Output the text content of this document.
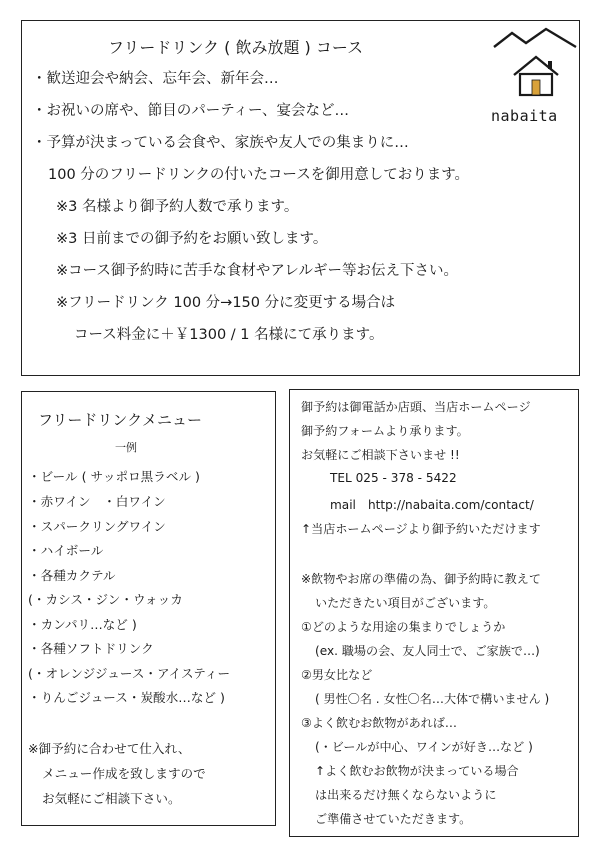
フリードリンク ( 飲み放題 ) コース
・歓送迎会や納会、忘年会、新年会…
・お祝いの席や、節目のパーティー、宴会など…
・予算が決まっている会食や、家族や友人での集まりに…
100 分のフリードリンクの付いたコースを御用意しております。
※3 名様より御予約人数で承ります。
※3 日前までの御予約をお願い致します。
※コース御予約時に苦手な食材やアレルギー等お伝え下さい。
※フリードリンク 100 分→150 分に変更する場合は
コース料金に＋￥1300 / 1 名様にて承ります。
nabaita
フリードリンクメニュー
一例
・ビール ( サッポロ黒ラベル )
・赤ワイン　・白ワイン
・スパークリングワイン
・ハイボール
・各種カクテル
(・カシス・ジン・ウォッカ
・カンパリ…など )
・各種ソフトドリンク
(・オレンジジュース・アイスティー
・りんごジュース・炭酸水…など )
※御予約に合わせて仕入れ、
メニュー作成を致しますので
お気軽にご相談下さい。
御予約は御電話か店頭、当店ホームページ
御予約フォームより承ります。
お気軽にご相談下さいませ !!
TEL 025 - 378 - 5422
mail　http://nabaita.com/contact/
↑当店ホームページより御予約いただけます
※飲物やお席の準備の為、御予約時に教えて
いただきたい項目がございます。
①どのような用途の集まりでしょうか
(ex. 職場の会、友人同士で、ご家族で…)
②男女比など
( 男性〇名 . 女性〇名…大体で構いません )
③よく飲むお飲物があれば…
(・ビールが中心、ワインが好き…など )
↑よく飲むお飲物が決まっている場合
は出来るだけ無くならないように
ご準備させていただきます。
